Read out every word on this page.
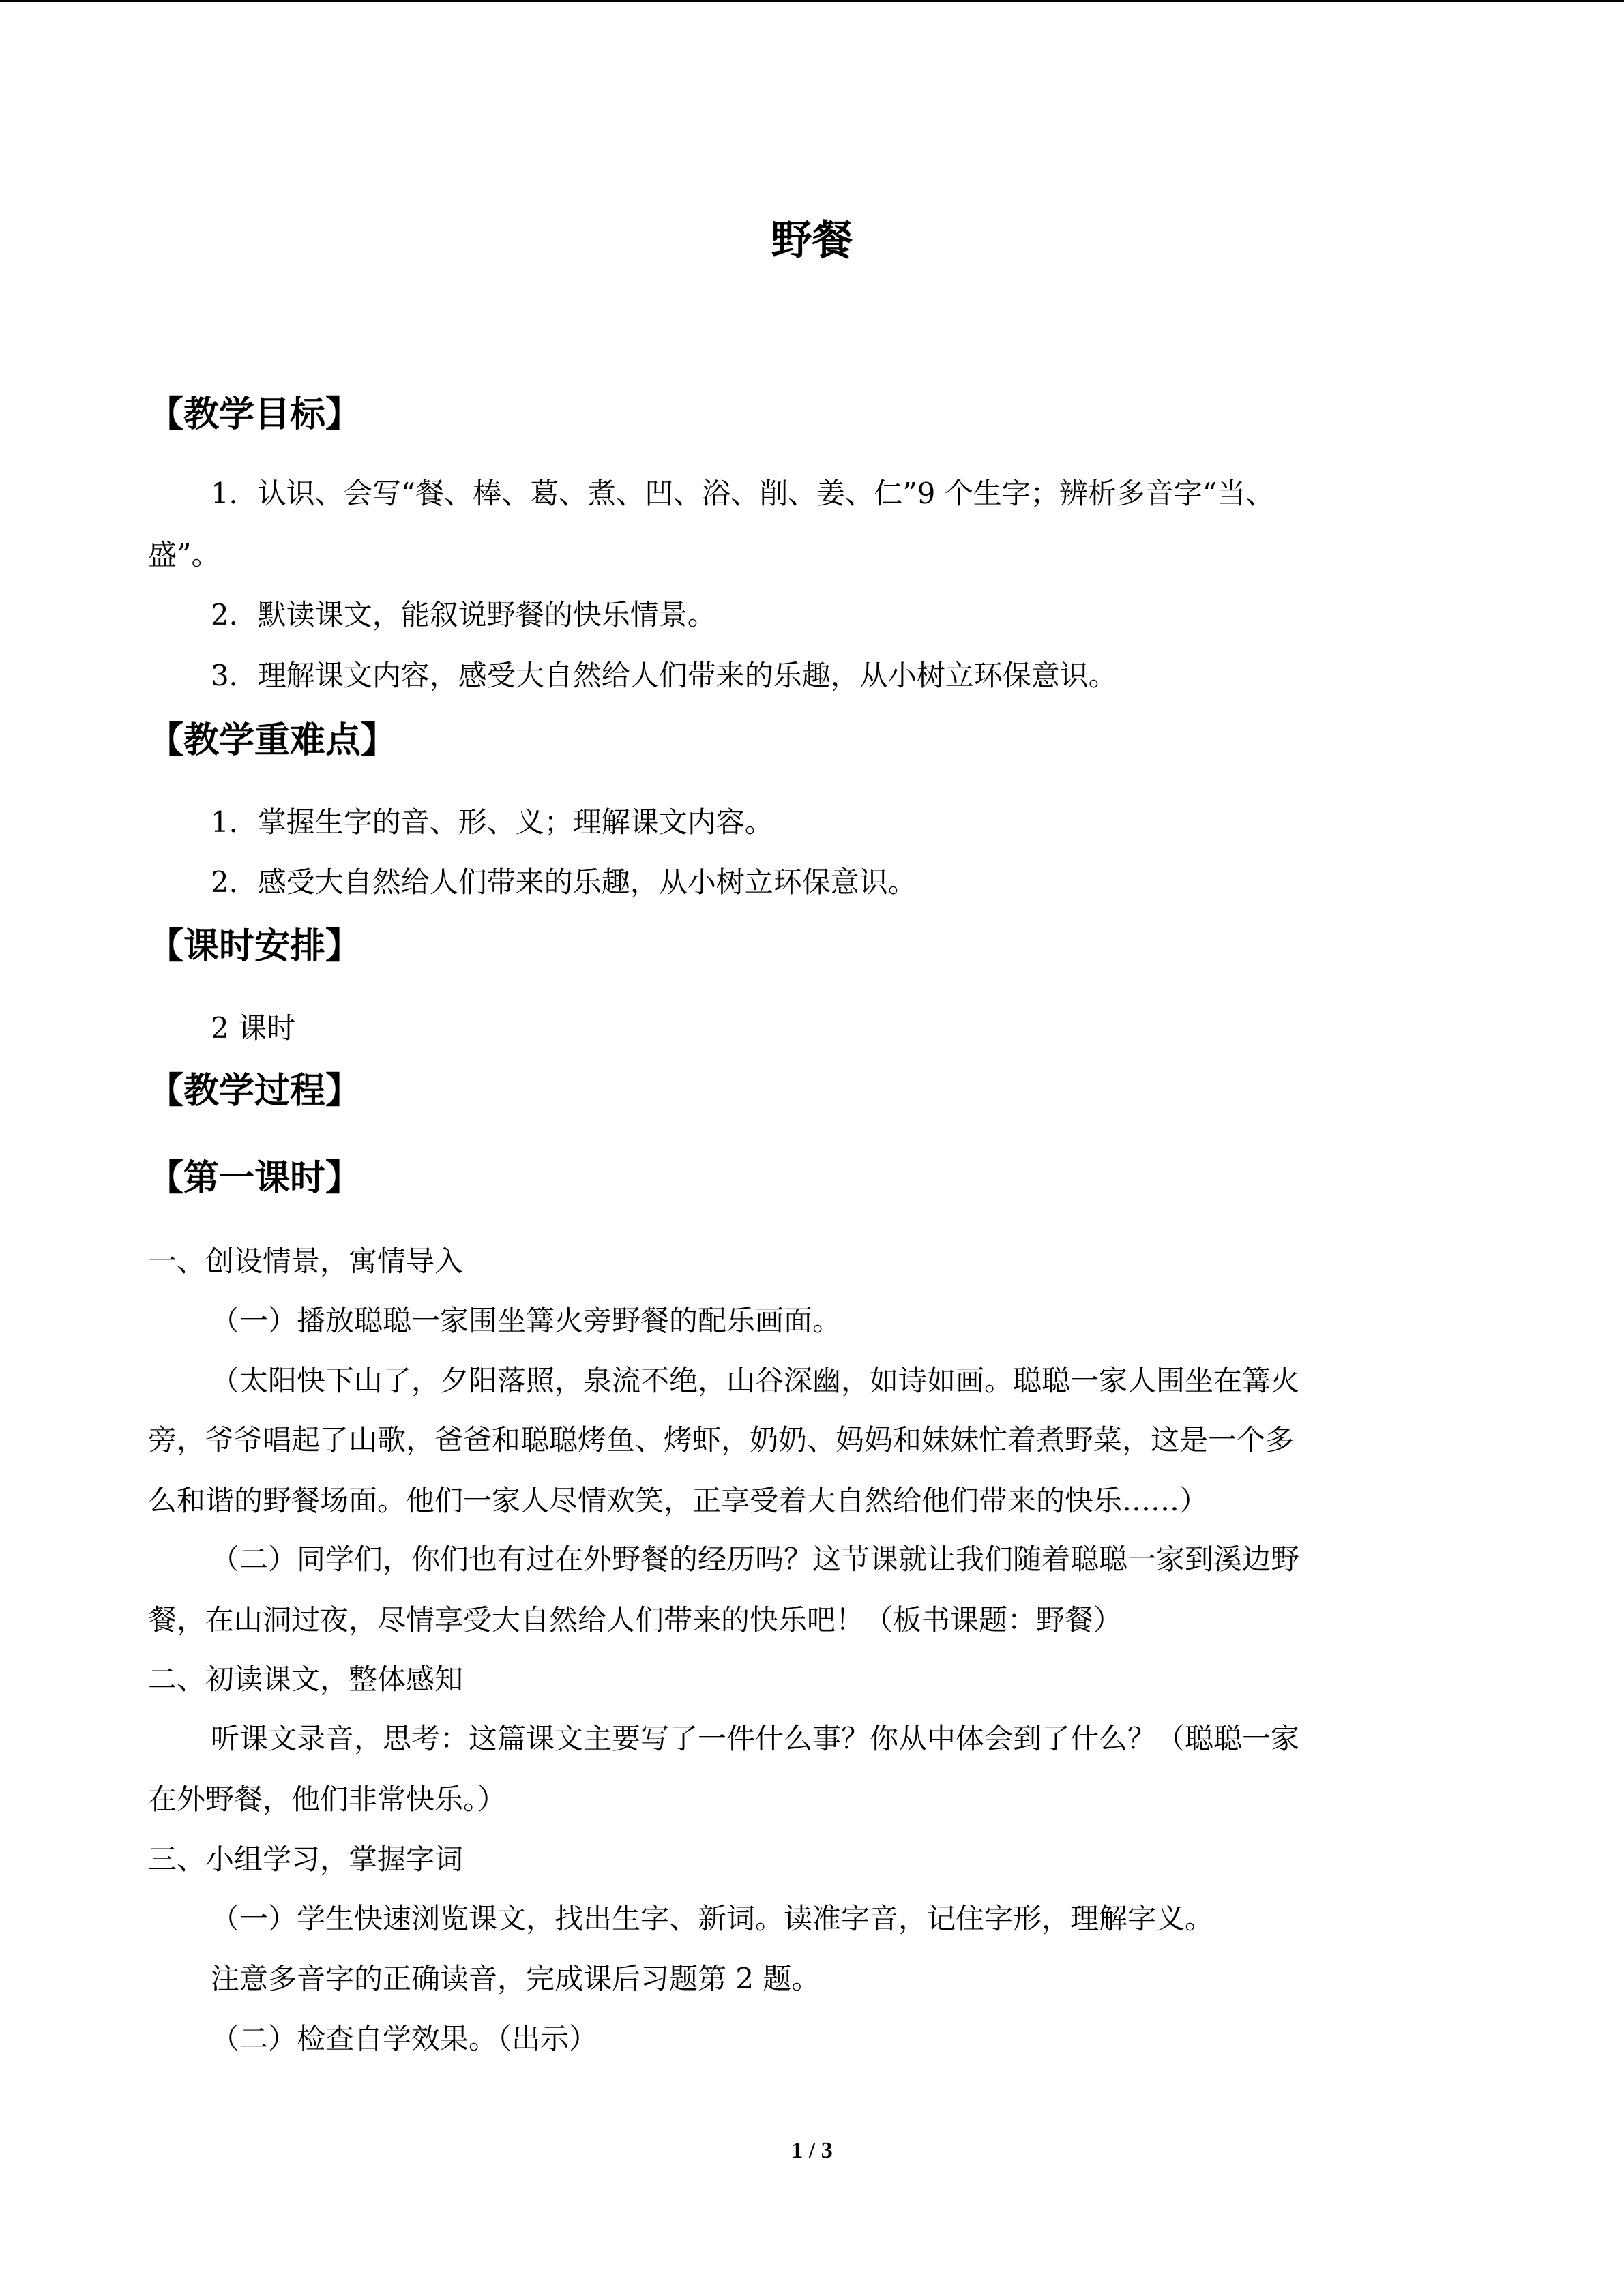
野餐
【教学目标】
1．认识、会写“餐、棒、葛、煮、凹、浴、削、姜、仁”9 个生字；辨析多音字“当、
盛”。
2．默读课文，能叙说野餐的快乐情景。
3．理解课文内容，感受大自然给人们带来的乐趣，从小树立环保意识。
【教学重难点】
1．掌握生字的音、形、义；理解课文内容。
2．感受大自然给人们带来的乐趣，从小树立环保意识。
【课时安排】
2 课时
【教学过程】
【第一课时】
一、创设情景，寓情导入
（一）播放聪聪一家围坐篝火旁野餐的配乐画面。
（太阳快下山了，夕阳落照，泉流不绝，山谷深幽，如诗如画。聪聪一家人围坐在篝火
旁，爷爷唱起了山歌，爸爸和聪聪烤鱼、烤虾，奶奶、妈妈和妹妹忙着煮野菜，这是一个多
么和谐的野餐场面。他们一家人尽情欢笑，正享受着大自然给他们带来的快乐……）
（二）同学们，你们也有过在外野餐的经历吗？这节课就让我们随着聪聪一家到溪边野
餐，在山洞过夜，尽情享受大自然给人们带来的快乐吧！（板书课题：野餐）
二、初读课文，整体感知
听课文录音，思考：这篇课文主要写了一件什么事？你从中体会到了什么？（聪聪一家
在外野餐，他们非常快乐。）
三、小组学习，掌握字词
（一）学生快速浏览课文，找出生字、新词。读准字音，记住字形，理解字义。
注意多音字的正确读音，完成课后习题第 2 题。
（二）检查自学效果。（出示）
1 / 3
